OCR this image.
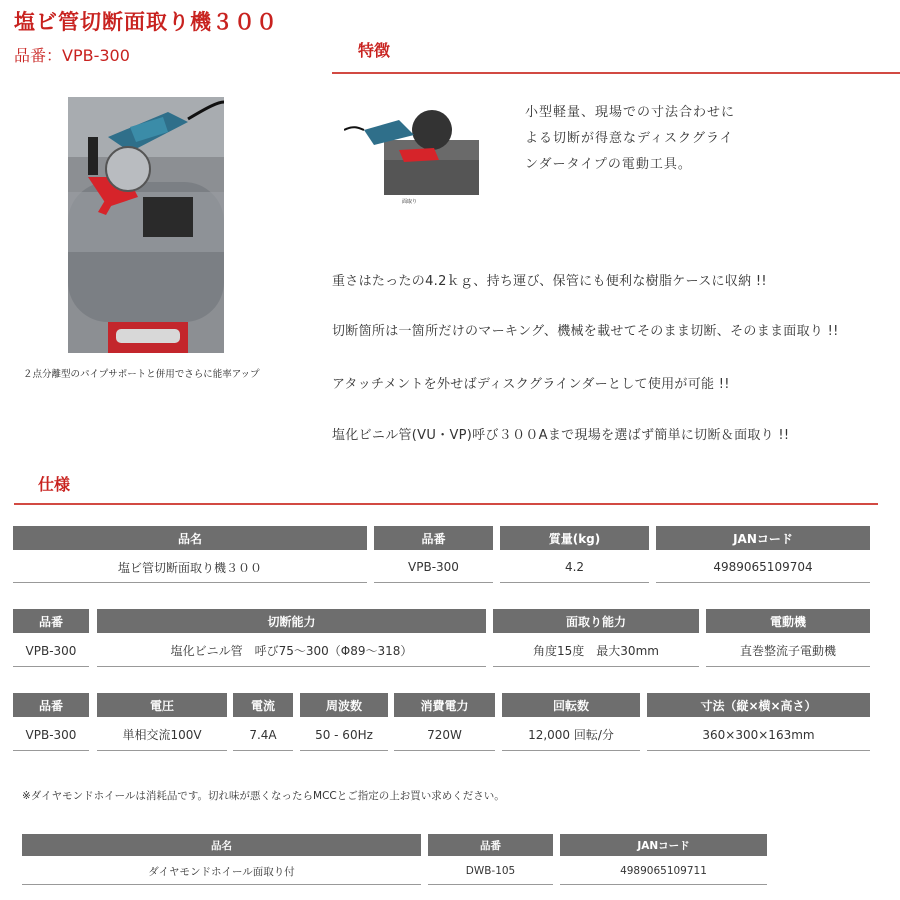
塩ビ管切断面取り機３００
品番：VPB-300	特徴
２点分離型のパイプサポートと併用でさらに能率アップ
面取り
小型軽量、現場での寸法合わせに
よる切断が得意なディスクグライ
ンダータイプの電動工具。
重さはたったの4.2ｋｇ、持ち運び、保管にも便利な樹脂ケースに収納 !!
切断箇所は一箇所だけのマーキング、機械を載せてそのまま切断、そのまま面取り !!
アタッチメントを外せばディスクグラインダーとして使用が可能 !!
塩化ビニル管(VU・VP)呼び３００Aまで現場を選ばず簡単に切断＆面取り !!
仕様
品名	品番	質量(kg)	JANコード
塩ビ管切断面取り機３００	VPB-300	4.2	4989065109704
品番	切断能力	面取り能力	電動機
VPB-300	塩化ビニル管　呼び75～300（Φ89～318）	角度15度　最大30mm	直巻整流子電動機
品番	電圧	電流	周波数	消費電力	回転数	寸法（縦×横×高さ）
VPB-300	単相交流100V	7.4A	50 - 60Hz	720W	12,000 回転/分	360×300×163mm
※ダイヤモンドホイールは消耗品です。切れ味が悪くなったらMCCとご指定の上お買い求めください。
品名	品番	JANコード
ダイヤモンドホイール面取り付	DWB-105	4989065109711
